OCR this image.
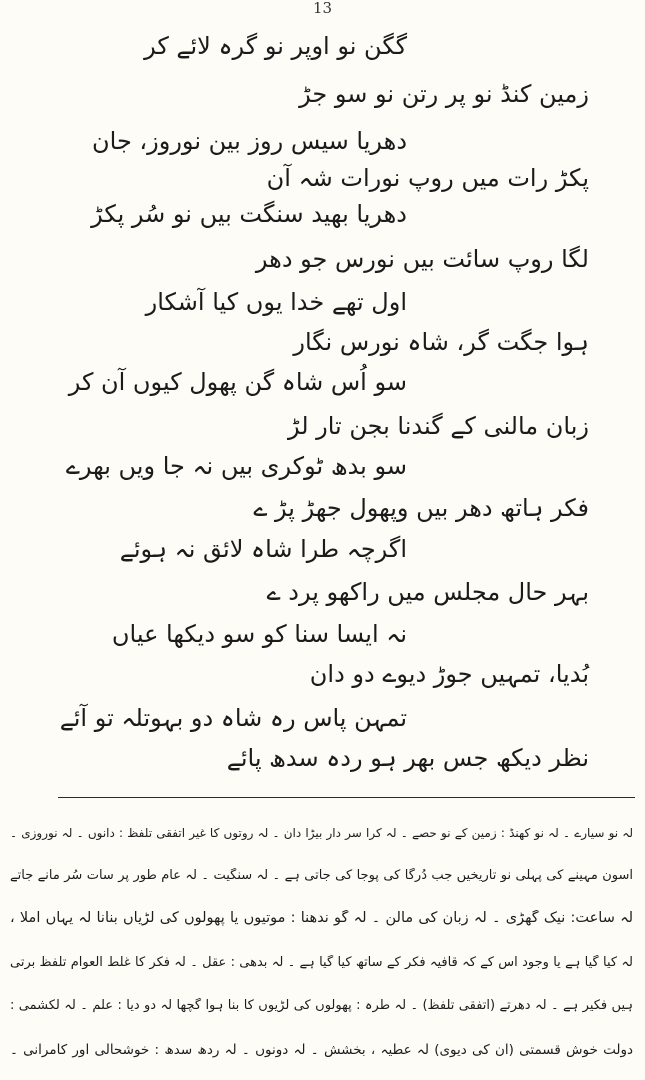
13
گگن نو اوپر نو گرہ لائے کر
زمین کنڈ نو پر رتن نو سو جڑ
دھریا سیس روز بین نوروز، جان
پکڑ رات میں روپ نورات شہ آن
دھریا بھید سنگت بیں نو سُر پکڑ
لگا روپ سائت بیں نورس جو دھر
اول تھے خدا یوں کیا آشکار
ہوا جگت گر، شاہ نورس نگار
سو اُس شاہ گن پھول کیوں آن کر
زبان مالنی کے گندنا بجن تار لڑ
سو بدھ ٹوکری بیں نہ جا ویں بھرے
فکر ہاتھ دھر بیں وپھول جھڑ پڑ ے
اگرچہ طرا شاہ لائق نہ ہوئے
بہر حال مجلس میں راکھو پرد ے
نہ ایسا سنا کو سو دیکھا عیاں
بُدیا، تمہیں جوڑ دیوے دو دان
تمہن پاس رہ شاہ دو بہوتلہ تو آئے
نظر دیکھ جس بھر ہو ردہ سدھ پائے
لہ نو سیارے ۔ لہ نو کھنڈ : زمین کے نو حصے ۔ لہ کرا سر دار بیڑا دان ۔ لہ روتوں کا غیر اتفقی تلفظ : دانوں ۔ لہ نوروزی ۔
آسون مہینے کی پہلی نو تاریخیں جب دُرگا کی پوجا کی جاتی ہے ۔ لہ سنگیت ۔ لہ عام طور پر سات سُر مانے جاتے
لہ ساعت: نیک گھڑی ۔ لہ زبان کی مالن ۔ لہ گو ندھنا : موتیوں یا پھولوں کی لڑیاں بنانا لہ یہاں املا ،
لہ کیا گیا ہے یا وجود اس کے کہ قافیہ فکر کے ساتھ کیا گیا ہے ۔ لہ بدھی : عقل ۔ لہ فکر کا غلط العوام تلفظ برتی
ہیں فکیر ہے ۔ لہ دھرتے (اتفقی تلفظ) ۔ لہ طرہ : پھولوں کی لڑیوں کا بنا ہوا گچھا لہ دو دیا : علم ۔ لہ لکشمی :
دولت خوش قسمتی (ان کی دیوی) لہ عطیہ ، بخشش ۔ لہ دونوں ۔ لہ ردھ سدھ : خوشحالی اور کامرانی ۔
